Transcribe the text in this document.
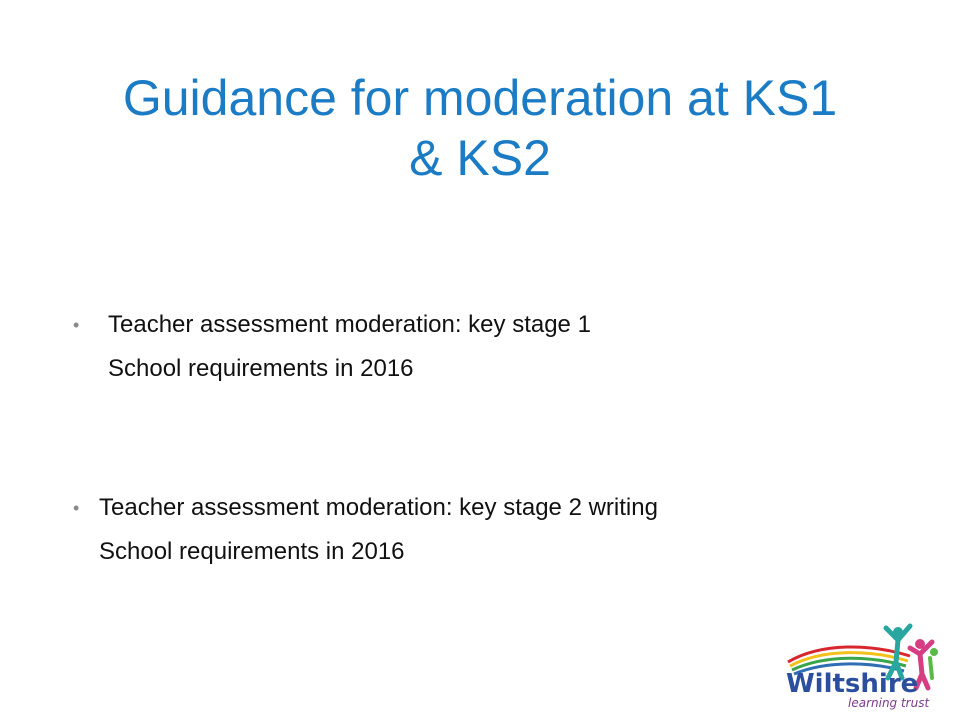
Guidance for moderation at KS1
& KS2
• Teacher assessment moderation: key stage 1
School requirements in 2016
• Teacher assessment moderation: key stage 2 writing
School requirements in 2016
Wiltshire
learning trust
